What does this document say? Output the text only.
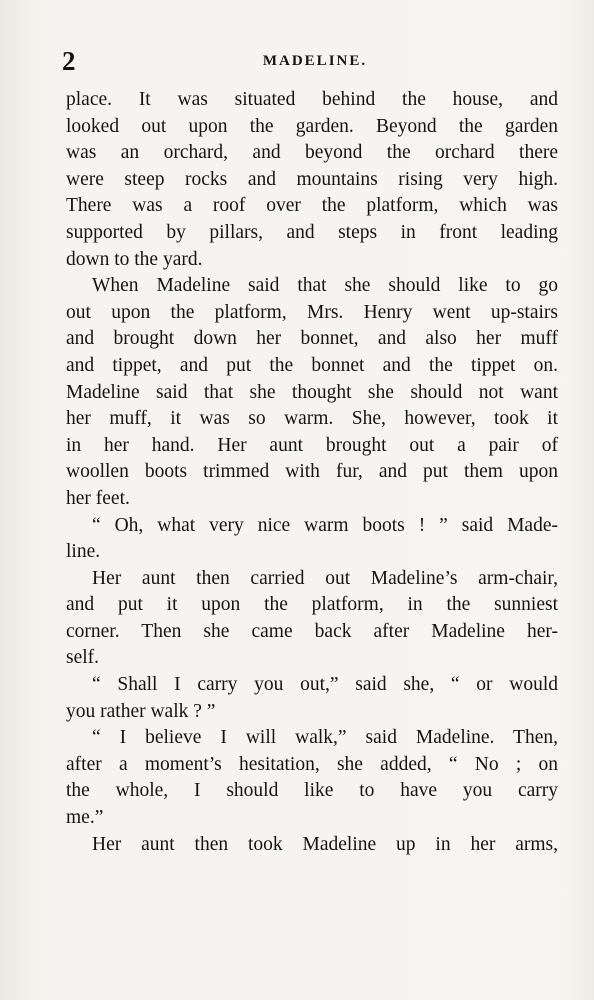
2	MADELINE.
place. It was situated behind the house, and
looked out upon the garden. Beyond the garden
was an orchard, and beyond the orchard there
were steep rocks and mountains rising very high.
There was a roof over the platform, which was
supported by pillars, and steps in front leading
down to the yard.
When Madeline said that she should like to go
out upon the platform, Mrs. Henry went up-stairs
and brought down her bonnet, and also her muff
and tippet, and put the bonnet and the tippet on.
Madeline said that she thought she should not want
her muff, it was so warm. She, however, took it
in her hand. Her aunt brought out a pair of
woollen boots trimmed with fur, and put them upon
her feet.
“ Oh, what very nice warm boots ! ” said Made-
line.
Her aunt then carried out Madeline’s arm-chair,
and put it upon the platform, in the sunniest
corner. Then she came back after Madeline her-
self.
“ Shall I carry you out,” said she, “ or would
you rather walk ? ”
“ I believe I will walk,” said Madeline. Then,
after a moment’s hesitation, she added, “ No ; on
the whole, I should like to have you carry
me.”
Her aunt then took Madeline up in her arms,
